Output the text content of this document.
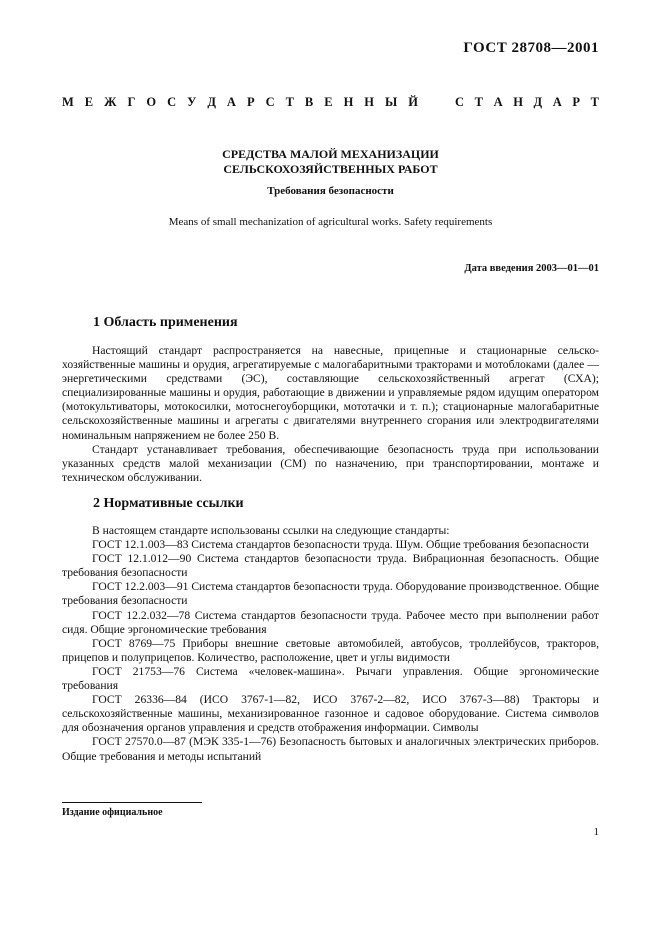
ГОСТ 28708—2001
М Е Ж Г О С У Д А Р С Т В Е Н Н Ы Й	С Т А Н Д А Р Т
СРЕДСТВА МАЛОЙ МЕХАНИЗАЦИИ
СЕЛЬСКОХОЗЯЙСТВЕННЫХ РАБОТ
Требования безопасности
Means of small mechanization of agricultural works. Safety requirements
Дата введения 2003—01—01
1 Область применения

Настоящий стандарт распространяется на навесные, прицепные и стационарные сельско-хозяйственные машины и орудия, агрегатируемые с малогабаритными тракторами и мотоблоками (далее — энергетическими средствами (ЭС), составляющие сельскохозяйственный агрегат (СХА); специализированные машины и орудия, работающие в движении и управляемые рядом идущим оператором (мотокультиваторы, мотокосилки, мотоснегоуборщики, мототачки и т. п.); стационарные малогабаритные сельскохозяйственные машины и агрегаты с двигателями внутреннего сгорания или электродвигателями номинальным напряжением не более 250 В.

Стандарт устанавливает требования, обеспечивающие безопасность труда при использовании указанных средств малой механизации (СМ) по назначению, при транспортировании, монтаже и техническом обслуживании.

2 Нормативные ссылки

В настоящем стандарте использованы ссылки на следующие стандарты:

ГОСТ 12.1.003—83 Система стандартов безопасности труда. Шум. Общие требования безопасности

ГОСТ 12.1.012—90 Система стандартов безопасности труда. Вибрационная безопасность. Общие требования безопасности

ГОСТ 12.2.003—91 Система стандартов безопасности труда. Оборудование производственное. Общие требования безопасности

ГОСТ 12.2.032—78 Система стандартов безопасности труда. Рабочее место при выполнении работ сидя. Общие эргономические требования

ГОСТ 8769—75 Приборы внешние световые автомобилей, автобусов, троллейбусов, тракторов, прицепов и полуприцепов. Количество, расположение, цвет и углы видимости

ГОСТ 21753—76 Система «человек-машина». Рычаги управления. Общие эргономические требования

ГОСТ 26336—84 (ИСО 3767-1—82, ИСО 3767-2—82, ИСО 3767-3—88) Тракторы и сельскохозяйственные машины, механизированное газонное и садовое оборудование. Система символов для обозначения органов управления и средств отображения информации. Символы

ГОСТ 27570.0—87 (МЭК 335-1—76) Безопасность бытовых и аналогичных электрических приборов. Общие требования и методы испытаний

Издание официальное
1
